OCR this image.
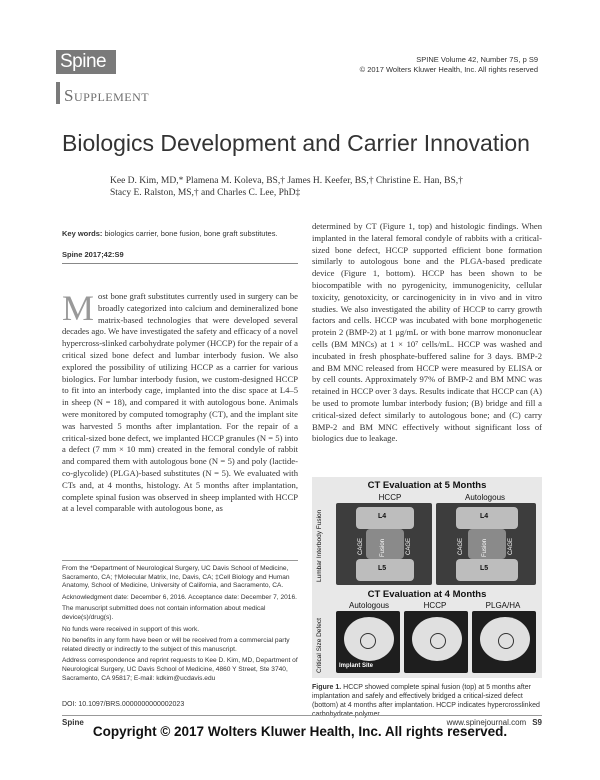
Spine
Supplement
SPINE Volume 42, Number 7S, p S9
© 2017 Wolters Kluwer Health, Inc. All rights reserved
Biologics Development and Carrier Innovation
Kee D. Kim, MD,* Plamena M. Koleva, BS,† James H. Keefer, BS,† Christine E. Han, BS,†
Stacy E. Ralston, MS,† and Charles C. Lee, PhD‡
Key words: biologics carrier, bone fusion, bone graft substitutes.
Spine 2017;42:S9
Most bone graft substitutes currently used in surgery can be broadly categorized into calcium and demineralized bone matrix-based technologies that were developed several decades ago. We have investigated the safety and efficacy of a novel hypercross-slinked carbohydrate polymer (HCCP) for the repair of a critical sized bone defect and lumbar interbody fusion. We also explored the possibility of utilizing HCCP as a carrier for various biologics. For lumbar interbody fusion, we custom-designed HCCP to fit into an interbody cage, implanted into the disc space at L4–5 in sheep (N = 18), and compared it with autologous bone. Animals were monitored by computed tomography (CT), and the implant site was harvested 5 months after implantation. For the repair of a critical-sized bone defect, we implanted HCCP granules (N = 5) into a defect (7 mm × 10 mm) created in the femoral condyle of rabbit and compared them with autologous bone (N = 5) and poly (lactide-co-glycolide) (PLGA)-based substitutes (N = 5). We evaluated with CTs and, at 4 months, histology. At 5 months after implantation, complete spinal fusion was observed in sheep implanted with HCCP at a level comparable with autologous bone, as
determined by CT (Figure 1, top) and histologic findings. When implanted in the lateral femoral condyle of rabbits with a critical-sized bone defect, HCCP supported efficient bone formation similarly to autologous bone and the PLGA-based predicate device (Figure 1, bottom). HCCP has been shown to be biocompatible with no pyrogenicity, immunogenicity, cellular toxicity, genotoxicity, or carcinogenicity in in vivo and in vitro studies. We also investigated the ability of HCCP to carry growth factors and cells. HCCP was incubated with bone morphogenetic protein 2 (BMP-2) at 1 μg/mL or with bone marrow mononuclear cells (BM MNCs) at 1 × 10⁷ cells/mL. HCCP was washed and incubated in fresh phosphate-buffered saline for 3 days. BMP-2 and BM MNC released from HCCP were measured by ELISA or by cell counts. Approximately 97% of BMP-2 and BM MNC was retained in HCCP over 3 days. Results indicate that HCCP can (A) be used to promote lumbar interbody fusion; (B) bridge and fill a critical-sized defect similarly to autologous bone; and (C) carry BMP-2 and BM MNC effectively without significant loss of biologics due to leakage.

From the *Department of Neurological Surgery, UC Davis School of Medicine, Sacramento, CA; †Molecular Matrix, Inc, Davis, CA; ‡Cell Biology and Human Anatomy, School of Medicine, University of California, and Sacramento, CA.

Acknowledgment date: December 6, 2016. Acceptance date: December 7, 2016.

The manuscript submitted does not contain information about medical device(s)/drug(s).

No funds were received in support of this work.

No benefits in any form have been or will be received from a commercial party related directly or indirectly to the subject of this manuscript.

Address correspondence and reprint requests to Kee D. Kim, MD, Department of Neurological Surgery, UC Davis School of Medicine, 4860 Y Street, Ste 3740, Sacramento, CA 95817; E-mail: kdkim@ucdavis.edu

DOI: 10.1097/BRS.0000000000002023
CT Evaluation at 5 Months
HCCP	Autologous
Lumbar Interbody Fusion	L4
L5
CAGE	Fusion	CAGE
L4
L5
CAGE	Fusion	CAGE
CT Evaluation at 4 Months
Autologous	HCCP	PLGA/HA
Critical Size Defect	Implant Site
Figure 1. HCCP showed complete spinal fusion (top) at 5 months after implantation and safely and effectively bridged a critical-sized defect (bottom) at 4 months after implantation. HCCP indicates hypercrosslinked
Spine	www.spinejournal.com S9
Copyright © 2017 Wolters Kluwer Health, Inc. All rights reserved.
